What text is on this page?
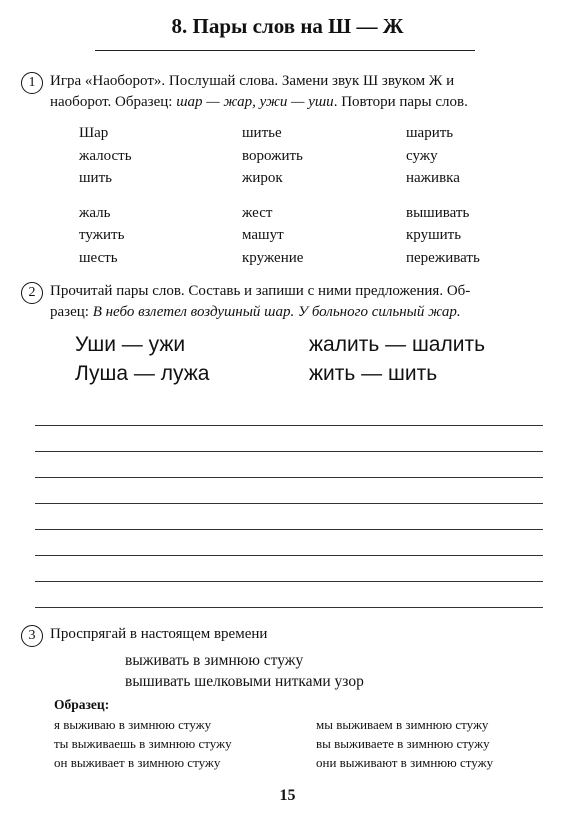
8. Пары слов на Ш — Ж
1 Игра «Наоборот». Послушай слова. Замени звук Ш звуком Ж и
наоборот. Образец: шар — жар, ужи — уши. Повтори пары слов.
Шар
жалость
шить
жаль
тужить
шесть
шитье
ворожить
жирок
жест
машут
кружение
шарить
сужу
наживка
вышивать
крушить
переживать
2 Прочитай пары слов. Составь и запиши с ними предложения. Об-
разец: В небо взлетел воздушный шар. У больного сильный жар.
Уши — ужи
Луша — лужа
жалить — шалить
жить — шить
3 Проспрягай в настоящем времени
выживать в зимнюю стужу
вышивать шелковыми нитками узор
Образец:
я выживаю в зимнюю стужу
ты выживаешь в зимнюю стужу
он выживает в зимнюю стужу
мы выживаем в зимнюю стужу
вы выживаете в зимнюю стужу
они выживают в зимнюю стужу
15
